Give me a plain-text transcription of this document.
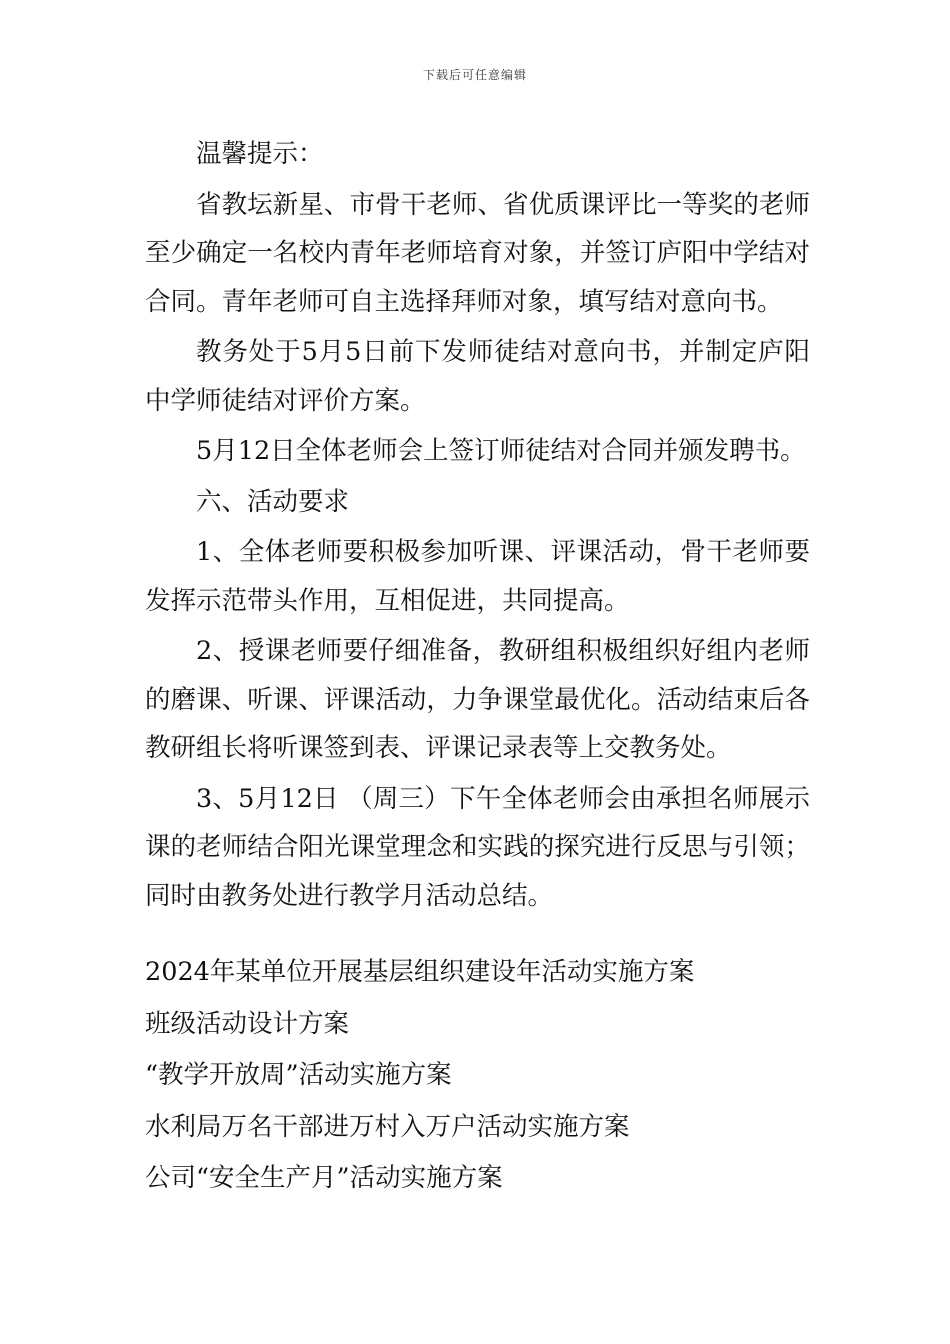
下载后可任意编辑

温馨提示：

省教坛新星、市骨干老师、省优质课评比一等奖的老师至少确定一名校内青年老师培育对象，并签订庐阳中学结对合同。青年老师可自主选择拜师对象，填写结对意向书。

教务处于5月5日前下发师徒结对意向书，并制定庐阳中学师徒结对评价方案。

5月12日全体老师会上签订师徒结对合同并颁发聘书。

六、活动要求

1、全体老师要积极参加听课、评课活动，骨干老师要发挥示范带头作用，互相促进，共同提高。

2、授课老师要仔细准备，教研组积极组织好组内老师的磨课、听课、评课活动，力争课堂最优化。活动结束后各教研组长将听课签到表、评课记录表等上交教务处。

3、5月12日 （周三）下午全体老师会由承担名师展示课的老师结合阳光课堂理念和实践的探究进行反思与引领；同时由教务处进行教学月活动总结。

2024年某单位开展基层组织建设年活动实施方案

班级活动设计方案

“教学开放周”活动实施方案

水利局万名干部进万村入万户活动实施方案

公司“安全生产月”活动实施方案
